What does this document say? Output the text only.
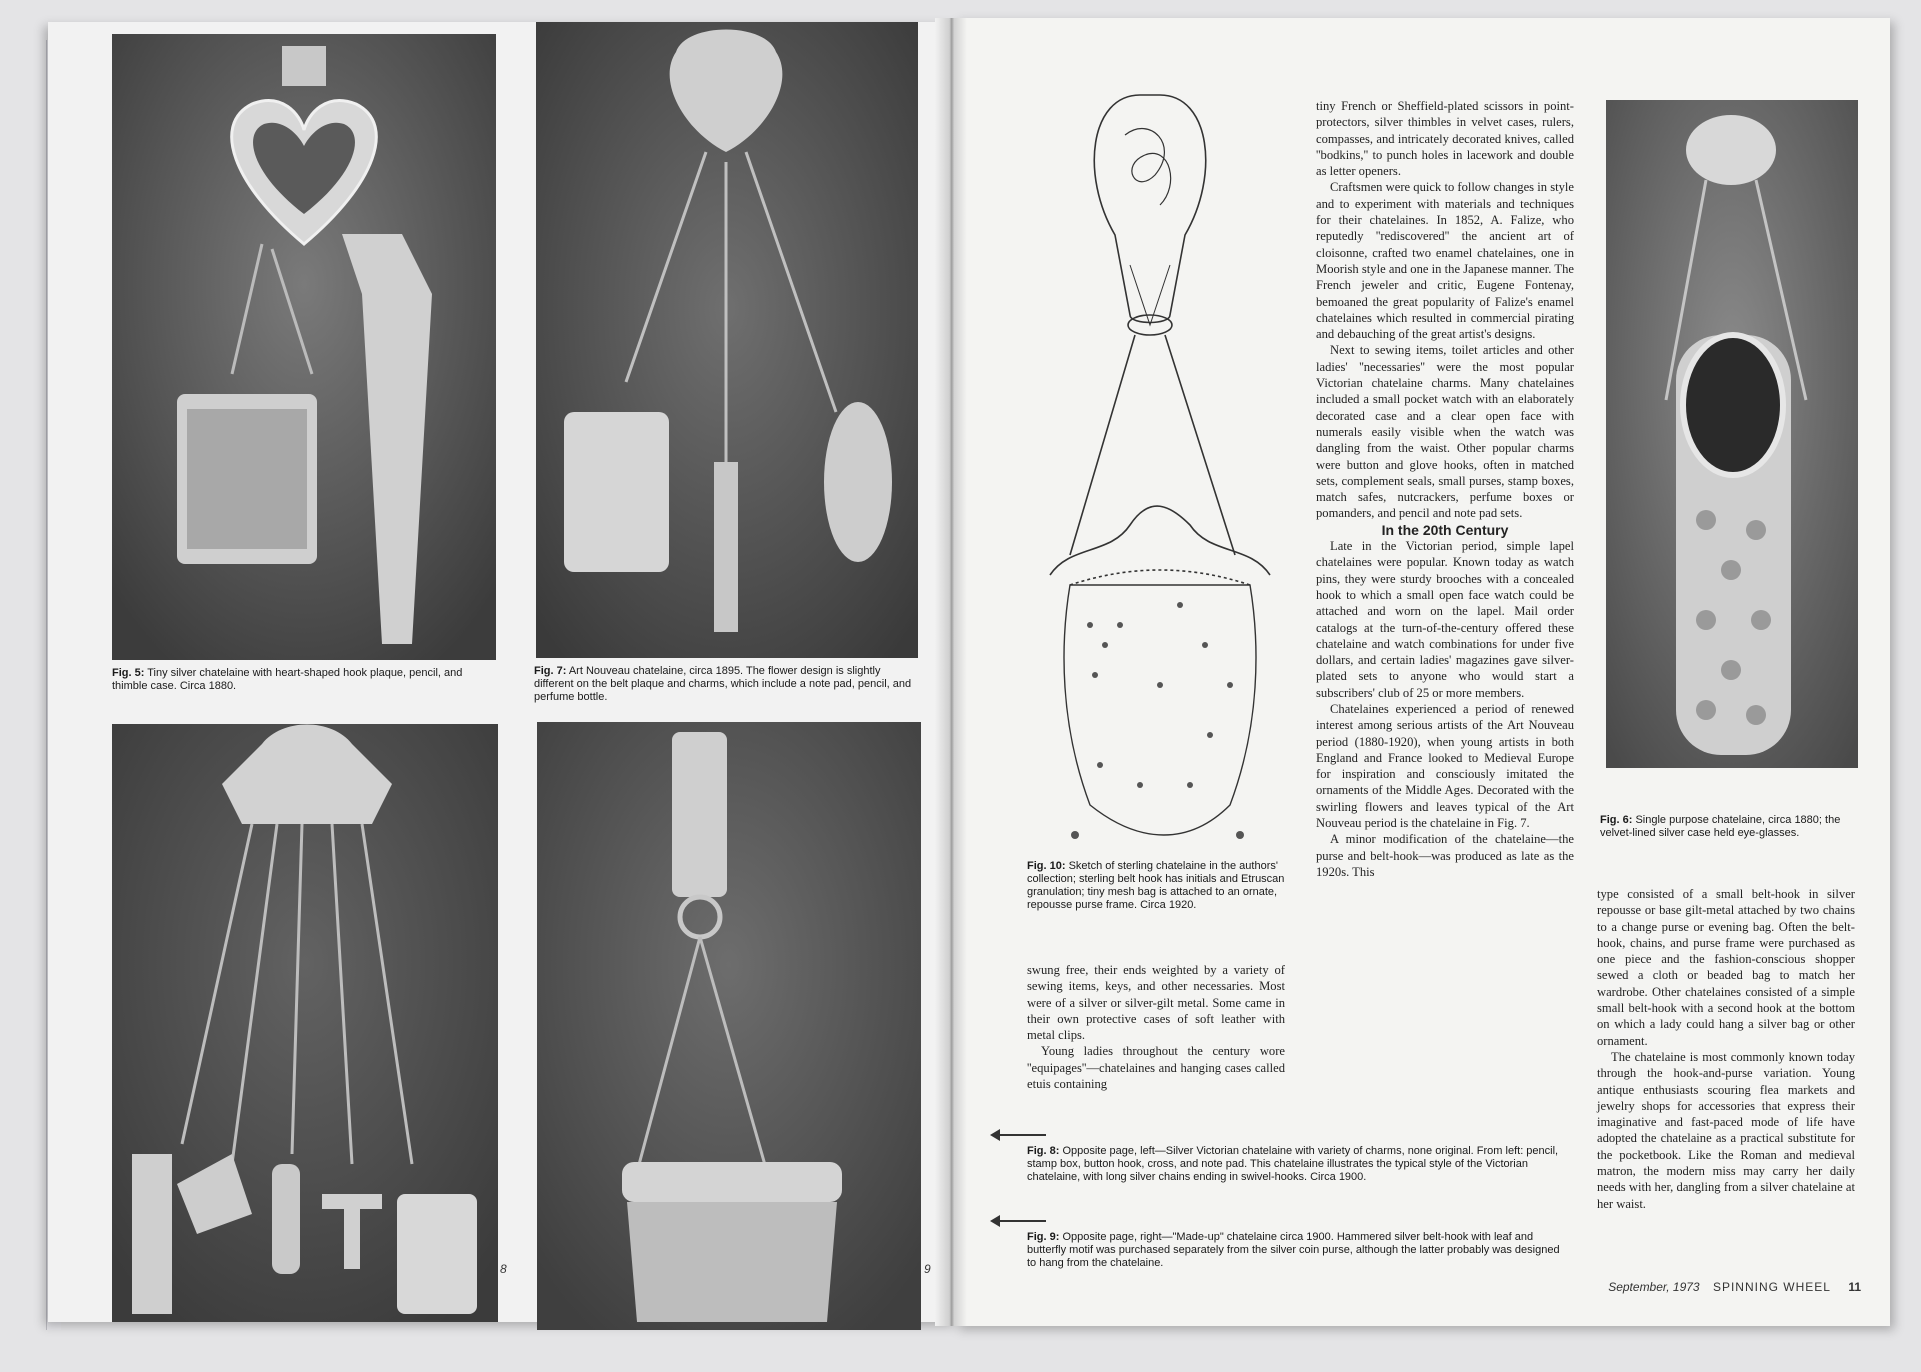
Fig. 5: Tiny silver chatelaine with heart-shaped hook plaque, pencil, and thimble case. Circa 1880.
Fig. 7: Art Nouveau chatelaine, circa 1895. The flower design is slightly different on the belt plaque and charms, which include a note pad, pencil, and perfume bottle.
8	9
Fig. 10: Sketch of sterling chatelaine in the authors' collection; sterling belt hook has initials and Etruscan granulation; tiny mesh bag is attached to an ornate, repousse purse frame. Circa 1920.
Fig. 6: Single purpose chatelaine, circa 1880; the velvet-lined silver case held eye-glasses.

swung free, their ends weighted by a variety of sewing items, keys, and other necessaries. Most were of a silver or silver-gilt metal. Some came in their own protective cases of soft leather with metal clips.

Young ladies throughout the century wore ''equipages''—chatelaines and hanging cases called etuis containing

tiny French or Sheffield-plated scissors in point-protectors, silver thimbles in velvet cases, rulers, compasses, and intricately decorated knives, called ''bodkins,'' to punch holes in lacework and double as letter openers.

Craftsmen were quick to follow changes in style and to experiment with materials and techniques for their chatelaines. In 1852, A. Falize, who reputedly ''rediscovered'' the ancient art of cloisonne, crafted two enamel chatelaines, one in Moorish style and one in the Japanese manner. The French jeweler and critic, Eugene Fontenay, bemoaned the great popularity of Falize's enamel chatelaines which resulted in commercial pirating and debauching of the great artist's designs.

Next to sewing items, toilet articles and other ladies' ''necessaries'' were the most popular Victorian chatelaine charms. Many chatelaines included a small pocket watch with an elaborately decorated case and a clear open face with numerals easily visible when the watch was dangling from the waist. Other popular charms were button and glove hooks, often in matched sets, complement seals, small purses, stamp boxes, match safes, nutcrackers, perfume boxes or pomanders, and pencil and note pad sets.

In the 20th Century

Late in the Victorian period, simple lapel chatelaines were popular. Known today as watch pins, they were sturdy brooches with a concealed hook to which a small open face watch could be attached and worn on the lapel. Mail order catalogs at the turn-of-the-century offered these chatelaine and watch combinations for under five dollars, and certain ladies' magazines gave silver-plated sets to anyone who would start a subscribers' club of 25 or more members.

Chatelaines experienced a period of renewed interest among serious artists of the Art Nouveau period (1880-1920), when young artists in both England and France looked to Medieval Europe for inspiration and consciously imitated the ornaments of the Middle Ages. Decorated with the swirling flowers and leaves typical of the Art Nouveau period is the chatelaine in Fig. 7.

A minor modification of the chatelaine—the purse and belt-hook—was produced as late as the 1920s. This

type consisted of a small belt-hook in silver repousse or base gilt-metal attached by two chains to a change purse or evening bag. Often the belt-hook, chains, and purse frame were purchased as one piece and the fashion-conscious shopper sewed a cloth or beaded bag to match her wardrobe. Other chatelaines consisted of a simple small belt-hook with a second hook at the bottom on which a lady could hang a silver bag or other ornament.

The chatelaine is most commonly known today through the hook-and-purse variation. Young antique enthusiasts scouring flea markets and jewelry shops for accessories that express their imaginative and fast-paced mode of life have adopted the chatelaine as a practical substitute for the pocketbook. Like the Roman and medieval matron, the modern miss may carry her daily needs with her, dangling from a silver chatelaine at her waist.

Fig. 8: Opposite page, left—Silver Victorian chatelaine with variety of charms, none original. From left: pencil, stamp box, button hook, cross, and note pad. This chatelaine illustrates the typical style of the Victorian chatelaine, with long silver chains ending in swivel-hooks. Circa 1900.
Fig. 9: Opposite page, right—"Made-up" chatelaine circa 1900. Hammered silver belt-hook with leaf and butterfly motif was purchased separately from the silver coin purse, although the latter probably was designed to hang from the chatelaine.
September, 1973 SPINNING WHEEL 11
